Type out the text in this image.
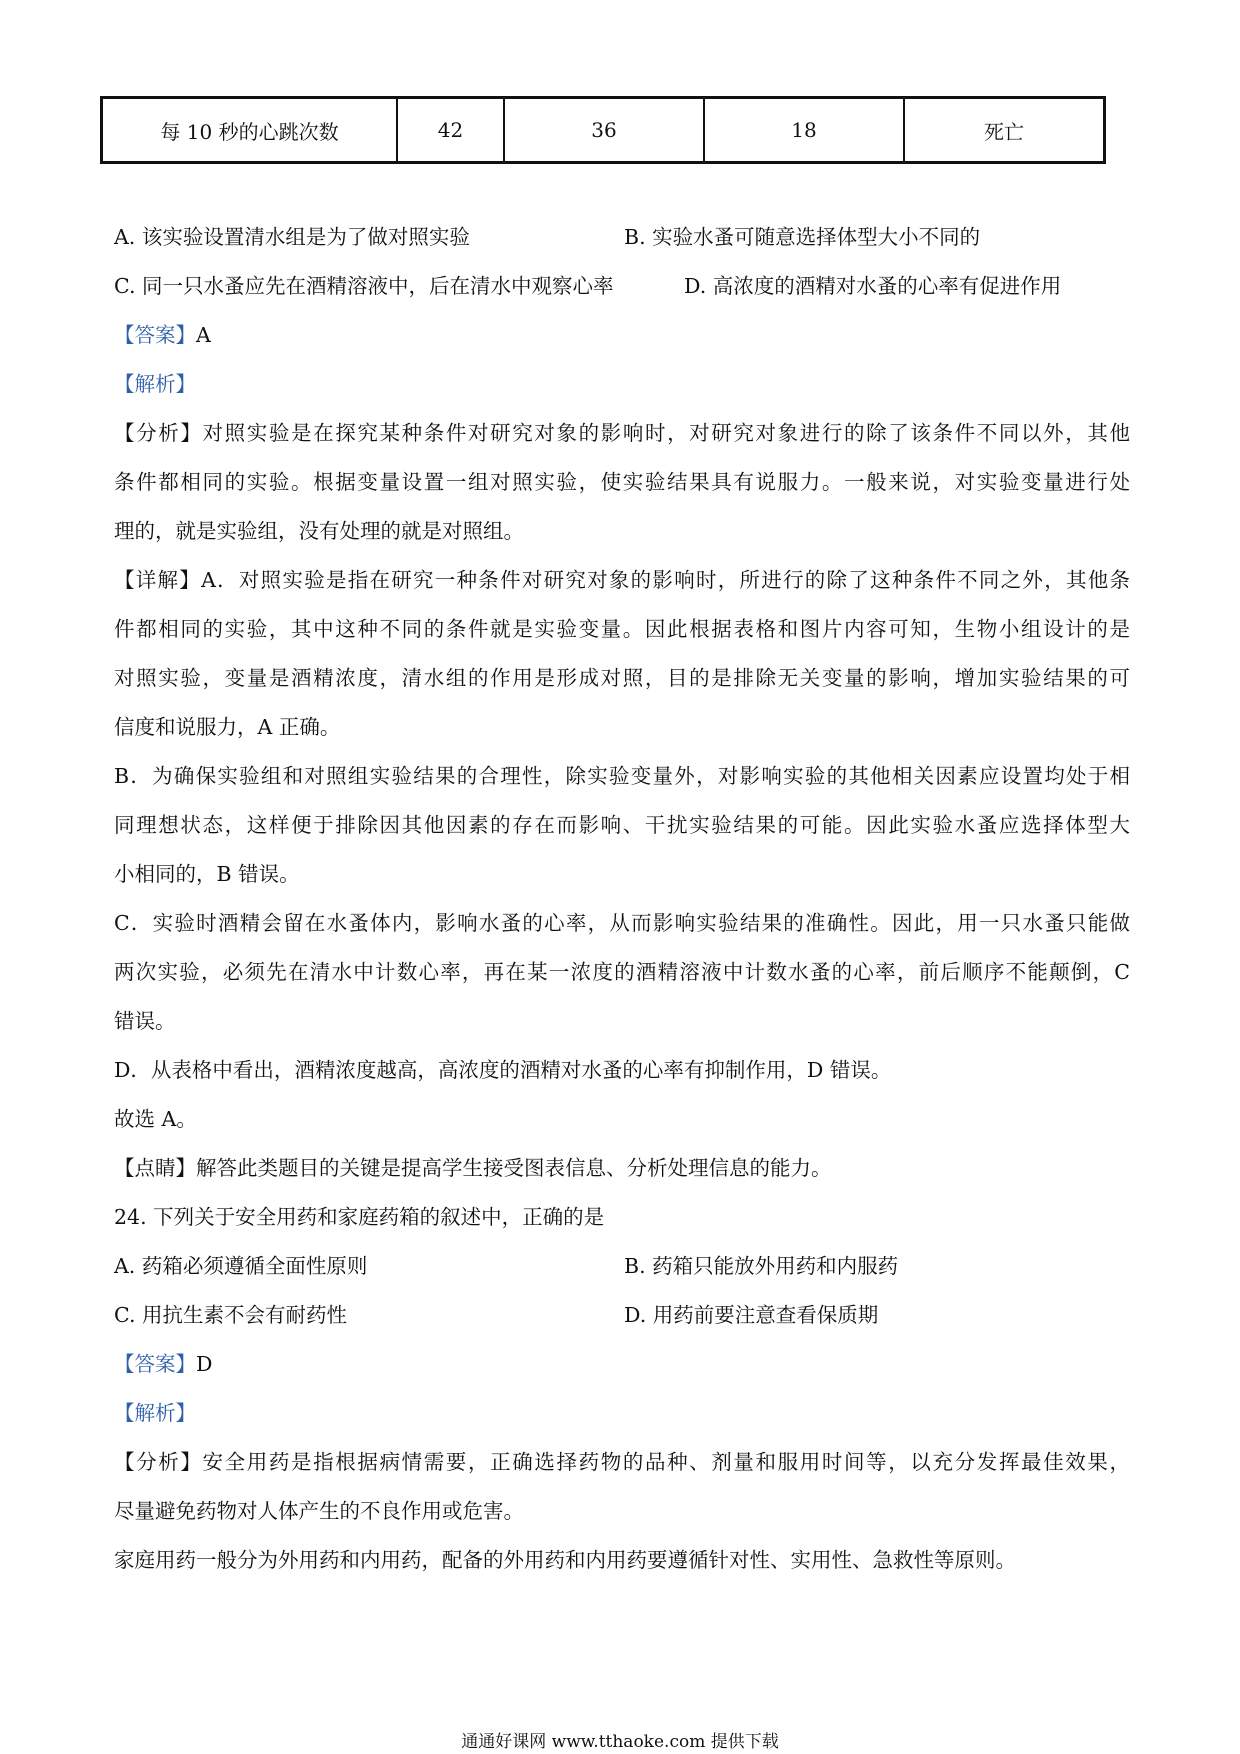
每 10 秒的心跳次数	42	36	18	死亡
A. 该实验设置清水组是为了做对照实验	B. 实验水蚤可随意选择体型大小不同的
C. 同一只水蚤应先在酒精溶液中，后在清水中观察心率	D. 高浓度的酒精对水蚤的心率有促进作用
【答案】A
【解析】
【分析】对照实验是在探究某种条件对研究对象的影响时，对研究对象进行的除了该条件不同以外，其他
条件都相同的实验。根据变量设置一组对照实验，使实验结果具有说服力。一般来说，对实验变量进行处
理的，就是实验组，没有处理的就是对照组。
【详解】A．对照实验是指在研究一种条件对研究对象的影响时，所进行的除了这种条件不同之外，其他条
件都相同的实验，其中这种不同的条件就是实验变量。因此根据表格和图片内容可知，生物小组设计的是
对照实验，变量是酒精浓度，清水组的作用是形成对照，目的是排除无关变量的影响，增加实验结果的可
信度和说服力，A 正确。
B．为确保实验组和对照组实验结果的合理性，除实验变量外，对影响实验的其他相关因素应设置均处于相
同理想状态，这样便于排除因其他因素的存在而影响、干扰实验结果的可能。因此实验水蚤应选择体型大
小相同的，B 错误。
C．实验时酒精会留在水蚤体内，影响水蚤的心率，从而影响实验结果的准确性。因此，用一只水蚤只能做
两次实验，必须先在清水中计数心率，再在某一浓度的酒精溶液中计数水蚤的心率，前后顺序不能颠倒，C
错误。
D．从表格中看出，酒精浓度越高，高浓度的酒精对水蚤的心率有抑制作用，D 错误。
故选 A。
【点睛】解答此类题目的关键是提高学生接受图表信息、分析处理信息的能力。
24. 下列关于安全用药和家庭药箱的叙述中，正确的是
A. 药箱必须遵循全面性原则	B. 药箱只能放外用药和内服药
C. 用抗生素不会有耐药性	D. 用药前要注意查看保质期
【答案】D
【解析】
【分析】安全用药是指根据病情需要，正确选择药物的品种、剂量和服用时间等，以充分发挥最佳效果，
尽量避免药物对人体产生的不良作用或危害。
家庭用药一般分为外用药和内用药，配备的外用药和内用药要遵循针对性、实用性、急救性等原则。
通通好课网 www.tthaoke.com 提供下载
